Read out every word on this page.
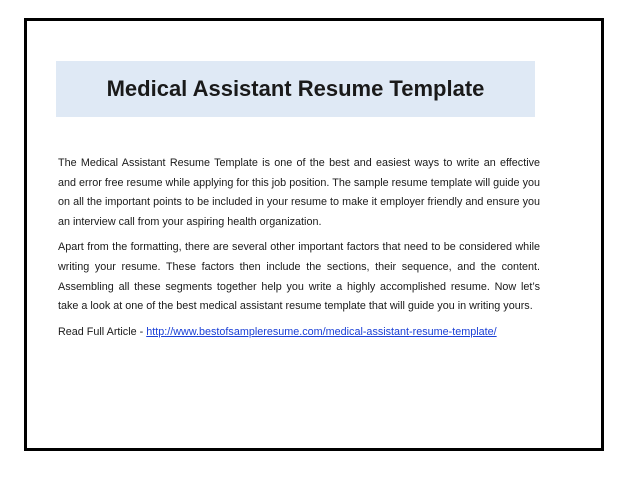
Medical Assistant Resume Template

The Medical Assistant Resume Template is one of the best and easiest ways to write an effective and error free resume while applying for this job position. The sample resume template will guide you on all the important points to be included in your resume to make it employer friendly and ensure you an interview call from your aspiring health organization.

Apart from the formatting, there are several other important factors that need to be considered while writing your resume. These factors then include the sections, their sequence, and the content. Assembling all these segments together help you write a highly accomplished resume. Now let’s take a look at one of the best medical assistant resume template that will guide you in writing yours.

Read Full Article - http://www.bestofsampleresume.com/medical-assistant-resume-template/
